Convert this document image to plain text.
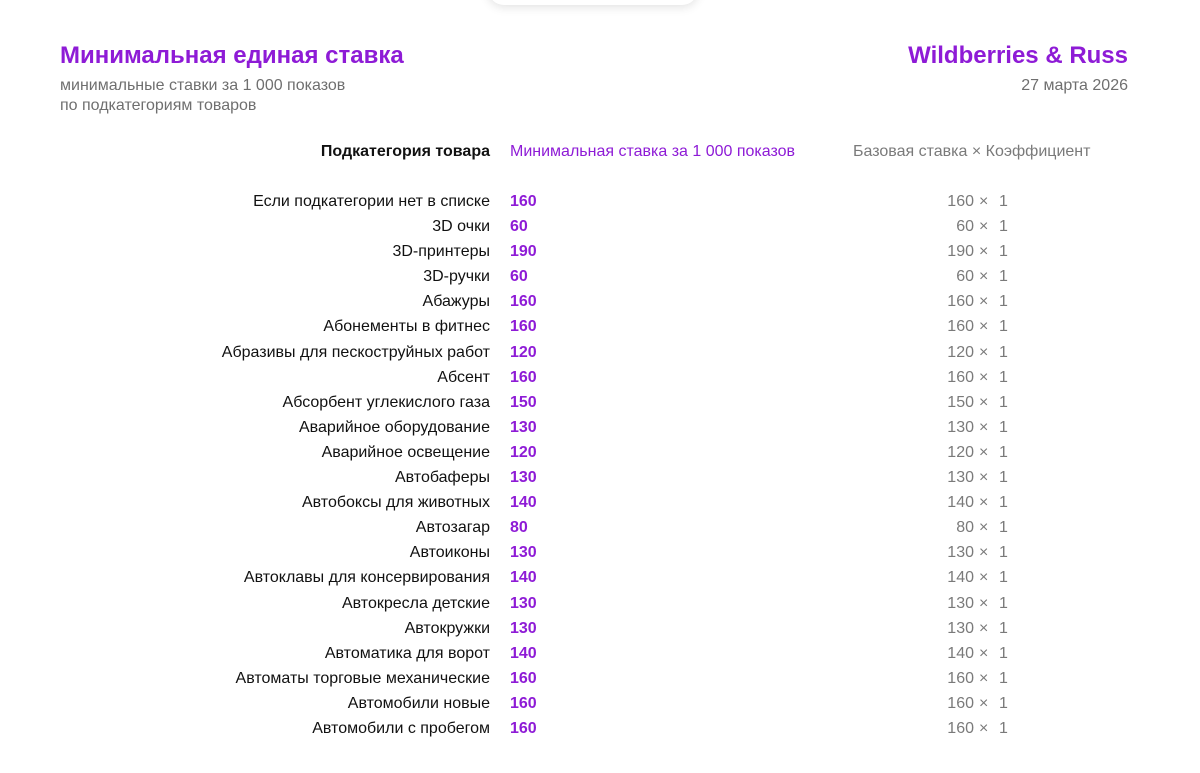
Минимальная единая ставка
минимальные ставки за 1 000 показов
по подкатегориям товаров
Wildberries & Russ
27 марта 2026
Подкатегория товара Минимальная ставка за 1 000 показов	Базовая ставка × Коэффициент
Если подкатегории нет в списке 160	160 × 1
3D очки 60	60 × 1
3D-принтеры 190	190 × 1
3D-ручки 60	60 × 1
Абажуры 160	160 × 1
Абонементы в фитнес 160	160 × 1
Абразивы для пескоструйных работ 120	120 × 1
Абсент 160	160 × 1
Абсорбент углекислого газа 150	150 × 1
Аварийное оборудование 130	130 × 1
Аварийное освещение 120	120 × 1
Автобаферы 130	130 × 1
Автобоксы для животных 140	140 × 1
Автозагар 80	80 × 1
Автоиконы 130	130 × 1
Автоклавы для консервирования 140	140 × 1
Автокресла детские 130	130 × 1
Автокружки 130	130 × 1
Автоматика для ворот 140	140 × 1
Автоматы торговые механические 160	160 × 1
Автомобили новые 160	160 × 1
Автомобили с пробегом 160	160 × 1
